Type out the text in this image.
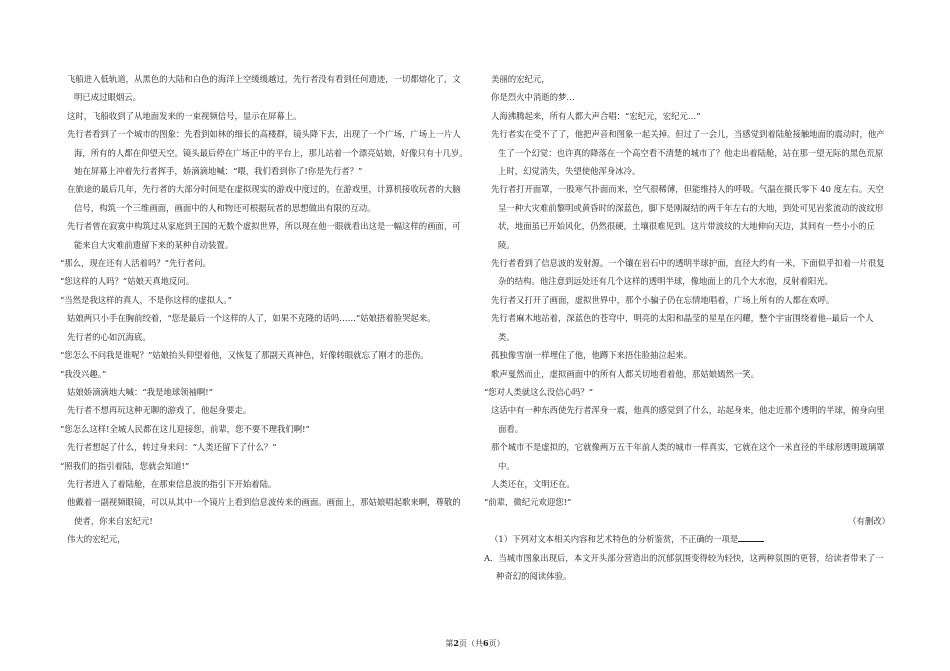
飞船进入低轨道，从黑色的大陆和白色的海洋上空缓缓越过，先行者没有看到任何遗迹，一切都熔化了，文明已成过眼烟云。

这时，飞船收到了从地面发来的一束视频信号，显示在屏幕上。

先行者看到了一个城市的图象：先看到如林的细长的高楼群，镜头降下去，出现了一个广场，广场上一片人海，所有的人都在仰望天空。镜头最后停在广场正中的平台上，那儿站着一个漂亮姑娘，好像只有十几岁。她在屏幕上冲着先行者挥手，娇滴滴地喊：“喂，我们看到你了!你是先行者？”

在旅途的最后几年，先行者的大部分时间是在虚拟现实的游戏中度过的，在游戏里，计算机接收玩者的大脑信号，构筑一个三维画面，画面中的人和物还可根据玩者的思想做出有限的互动。

先行者曾在寂寞中构筑过从家庭到王国的无数个虚拟世界，所以现在他一眼就看出这是一幅这样的画面，可能来自大灾难前遗留下来的某种自动装置。

“那么，现在还有人活着吗？”先行者问。

“您这样的人吗？”姑娘天真地反问。

“当然是我这样的真人，不是你这样的虚拟人。”

姑娘两只小手在胸前绞着，“您是最后一个这样的人了，如果不克隆的话吗……”姑娘捂着脸哭起来。

先行者的心如沉海底。

“您怎么不问我是谁呢？”姑娘抬头仰望着他，又恢复了那副天真神色，好像转眼就忘了刚才的悲伤。

“我没兴趣。”

姑娘娇滴滴地大喊：“我是地球领袖啊!”

先行者不想再玩这种无聊的游戏了，他起身要走。

“您怎么这样!全城人民都在这儿迎接您，前辈，您不要不理我们啊!”

先行者想起了什么，转过身来问：“人类还留下了什么？”

“照我们的指引着陆，您就会知道!”

先行者进入了着陆舱，在那束信息波的指引下开始着陆。

他戴着一副视频眼镜，可以从其中一个镜片上看到信息波传来的画面。画面上，那姑娘唱起歌来啊，尊敬的使者，你来自宏纪元!

伟大的宏纪元，

美丽的宏纪元，

你是烈火中消逝的梦…

人海沸腾起来，所有人都大声合唱：“宏纪元，宏纪元…”

先行者实在受不了了，他把声音和图象一起关掉。但过了一会儿，当感觉到着陆舱接触地面的震动时，他产生了一个幻觉：也许真的降落在一个高空看不清楚的城市了？他走出着陆舱，站在那一望无际的黑色荒原上时，幻觉消失，失望使他浑身冰冷。

先行者打开面罩，一股寒气扑面而来，空气很稀薄，但能维持人的呼吸。气温在摄氏零下 40 度左右。天空呈一种大灾难前黎明或黄昏时的深蓝色，脚下是刚凝结的两千年左右的大地，到处可见岩浆流动的波纹形状，地面虽已开始风化，仍然很硬，土壤很难见到。这片带波纹的大地伸向天边，其间有一些小小的丘陵。

先行者看到了信息波的发射源。一个镶在岩石中的透明半球护面，直径大约有一米，下面似乎扣着一片很复杂的结构。他注意到远处还有几个这样的透明半球，像地面上的几个大水泡，反射着阳光。

先行者又打开了画面，虚拟世界中，那个小骗子仍在忘情地唱着，广场上所有的人都在欢呼。

先行者麻木地站着，深蓝色的苍穹中，明亮的太阳和晶莹的星星在闪耀，整个宇宙围绕着他--最后一个人类。

孤独像雪崩一样埋住了他，他蹲下来捂住脸抽泣起来。

歌声戛然而止，虚拟画面中的所有人都关切地看着他，那姑娘嫣然一笑。

“您对人类就这么没信心吗？”

这话中有一种东西使先行者浑身一震，他真的感觉到了什么，站起身来，他走近那个透明的半球，俯身向里面看。

那个城市不是虚拟的，它就像两万五千年前人类的城市一样真实，它就在这个一米直径的半球形透明玻璃罩中。

人类还在，文明还在。

“前辈，微纪元欢迎您!”

（有删改）

（1）下列对文本相关内容和艺术特色的分析鉴赏，不正确的一项是

A．当城市图象出现后，本文开头部分营造出的沉郁氛围变得较为轻快，这两种氛围的更替，给读者带来了一种奇幻的阅读体验。

第2页（共6页）
